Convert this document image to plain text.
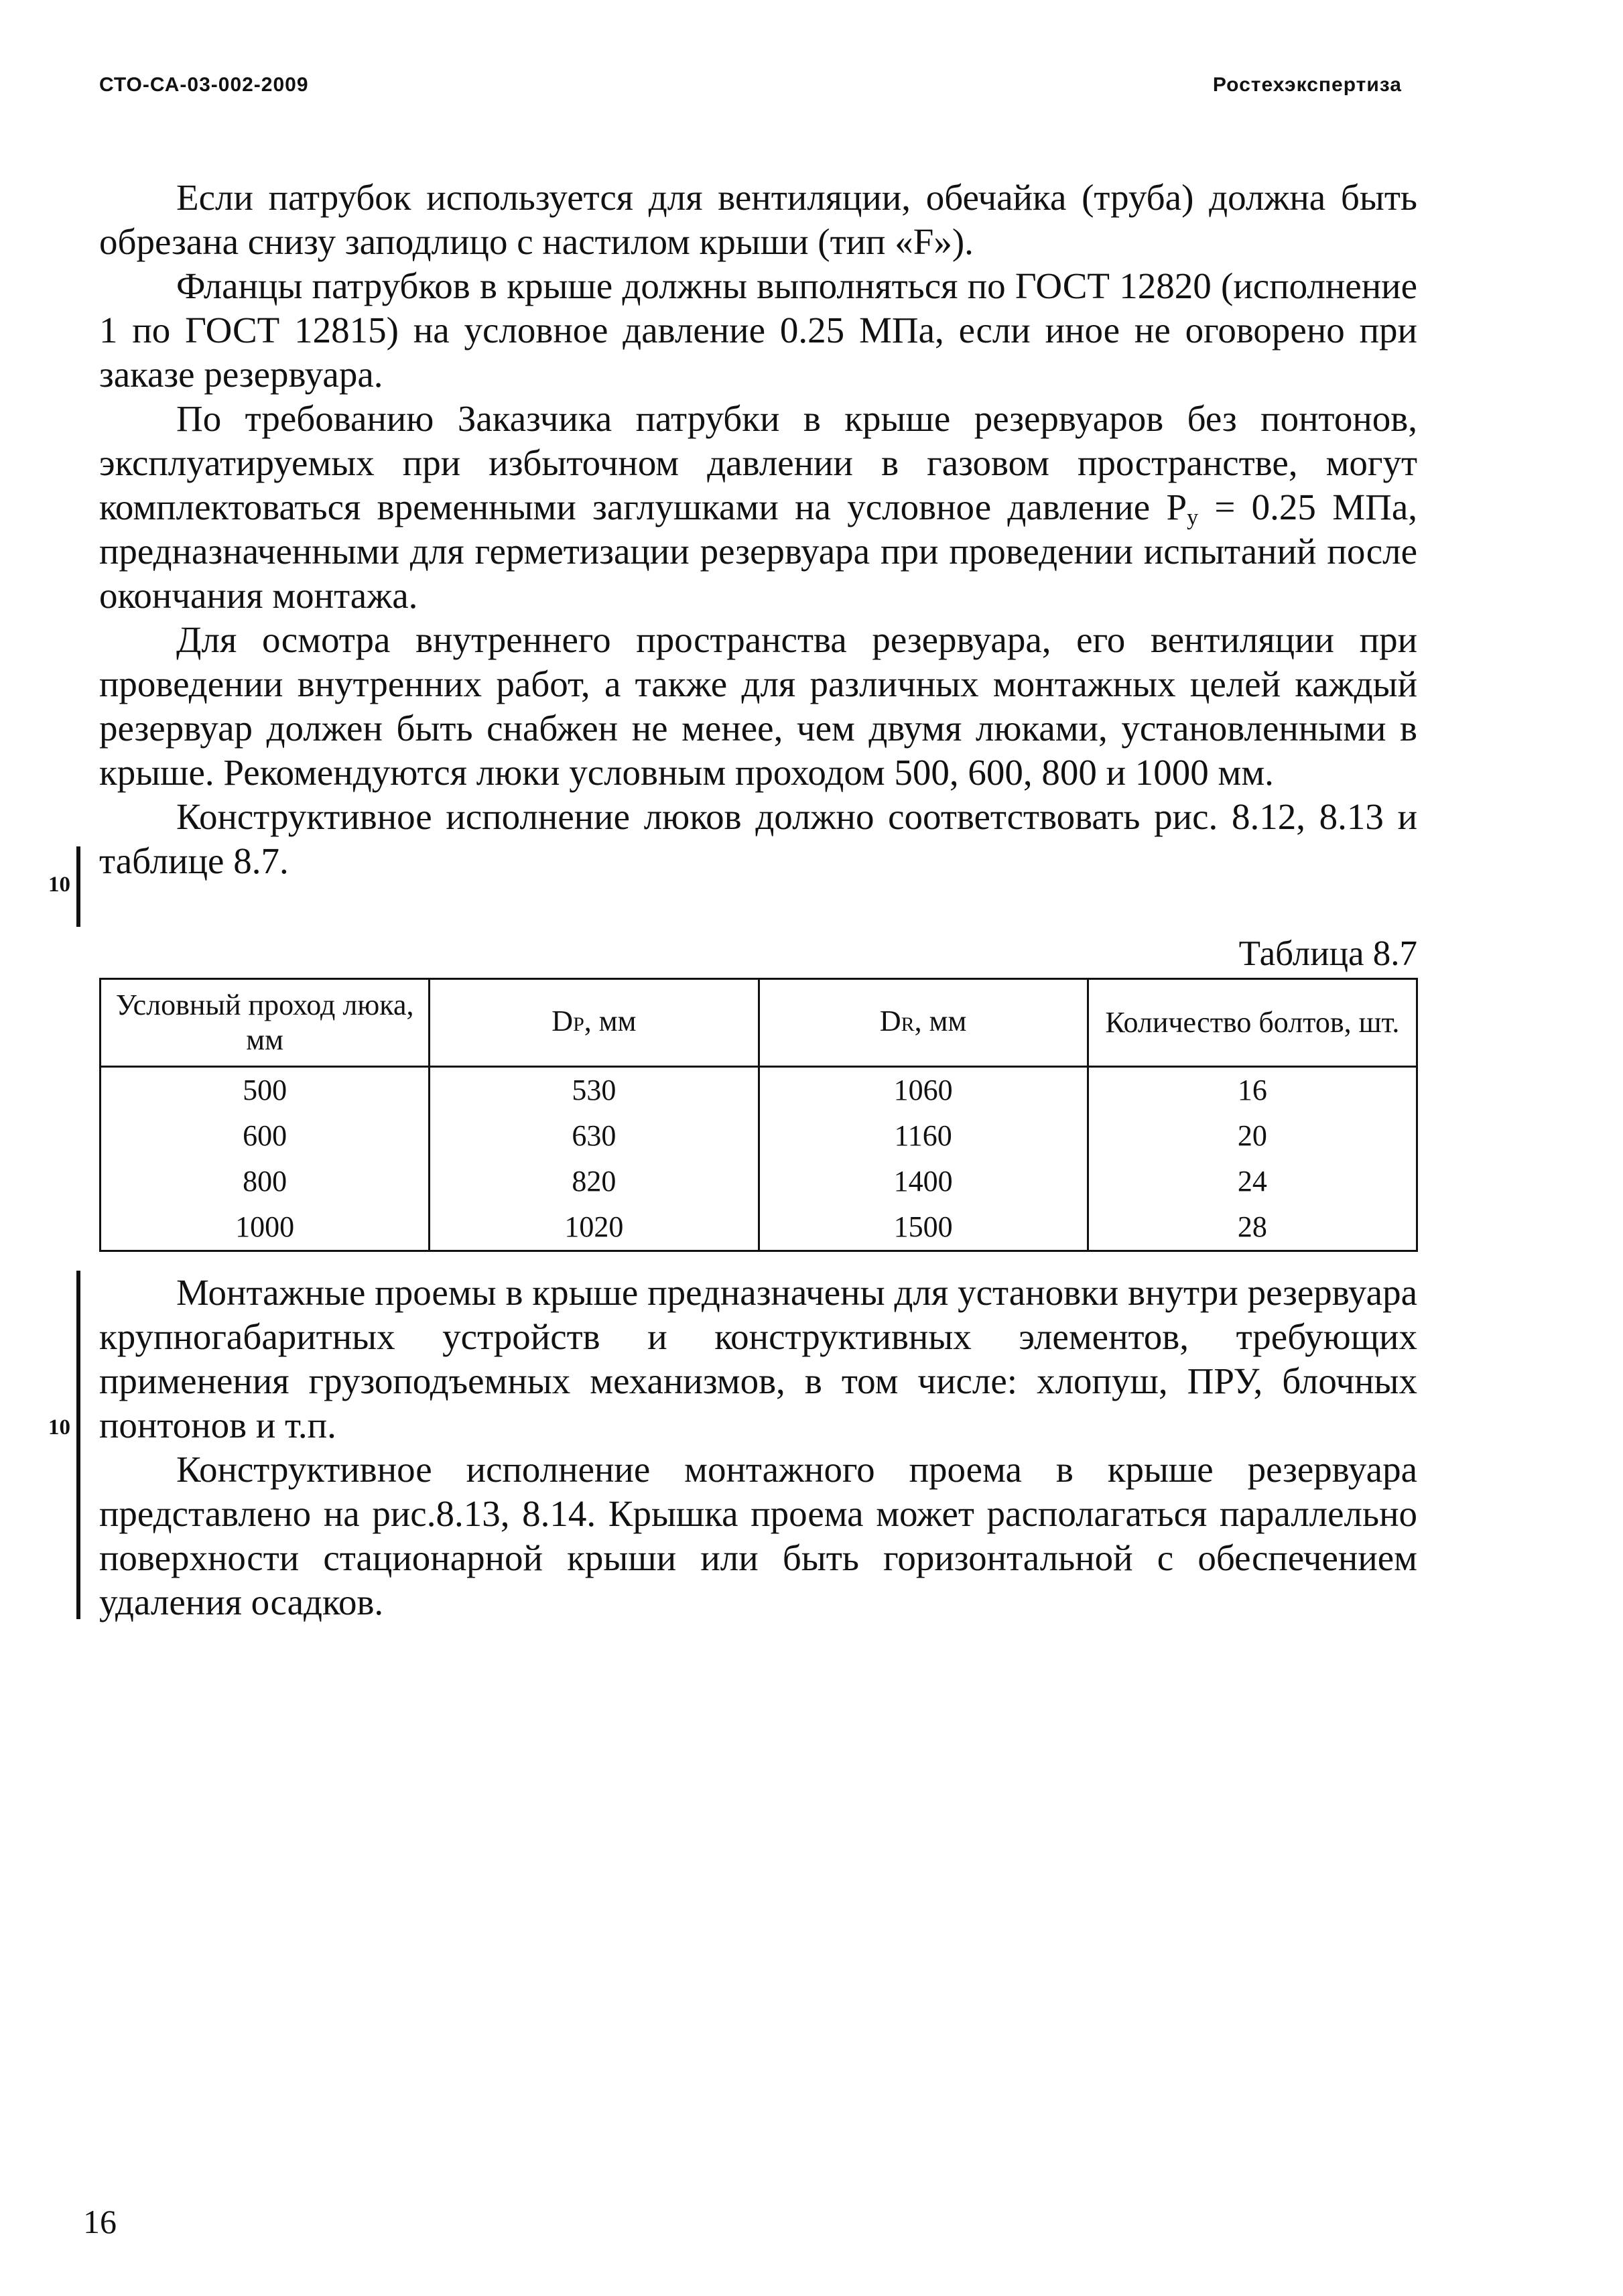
СТО-СА-03-002-2009	Ростехэкспертиза

Если патрубок используется для вентиляции, обечайка (труба) должна быть обрезана снизу заподлицо с настилом крыши (тип «F»).

Фланцы патрубков в крыше должны выполняться по ГОСТ 12820 (исполнение 1 по ГОСТ 12815) на условное давление 0.25 МПа, если иное не оговорено при заказе резервуара.

По требованию Заказчика патрубки в крыше резервуаров без понтонов, эксплуатируемых при избыточном давлении в газовом пространстве, могут комплектоваться временными заглушками на условное давление $P_y = 0.25$ МПа, предназначенными для герметизации резервуара при проведении испытаний после окончания монтажа.

Для осмотра внутреннего пространства резервуара, его вентиляции при проведении внутренних работ, а также для различных монтажных целей каждый резервуар должен быть снабжен не менее, чем двумя люками, установленными в крыше. Рекомендуются люки условным проходом 500, 600, 800 и 1000 мм.

Конструктивное исполнение люков должно соответствовать рис. 8.12, 8.13 и таблице 8.7.

10
Таблица 8.7
Условный проход люка, мм	DP, мм	DR, мм	Количество болтов, шт.
500	530	1060	16
600	630	1160	20
800	820	1400	24
1000	1020	1500	28

Монтажные проемы в крыше предназначены для установки внутри резервуара крупногабаритных устройств и конструктивных элементов, требующих применения грузоподъемных механизмов, в том числе: хлопуш, ПРУ, блочных понтонов и т.п.

Конструктивное исполнение монтажного проема в крыше резервуара представлено на рис.8.13, 8.14. Крышка проема может располагаться параллельно поверхности стационарной крыши или быть горизонтальной с обеспечением удаления осадков.

10
16
